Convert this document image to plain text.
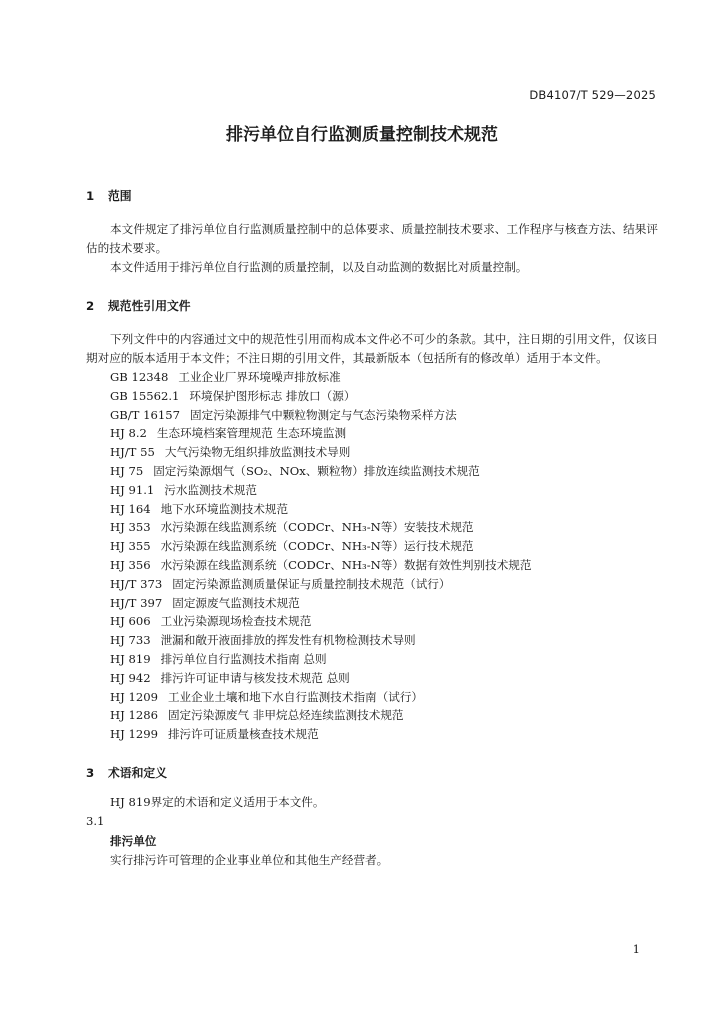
DB4107/T 529—2025
排污单位自行监测质量控制技术规范
1 范围

本文件规定了排污单位自行监测质量控制中的总体要求、质量控制技术要求、工作程序与核查方法、结果评估的技术要求。

本文件适用于排污单位自行监测的质量控制，以及自动监测的数据比对质量控制。

2 规范性引用文件

下列文件中的内容通过文中的规范性引用而构成本文件必不可少的条款。其中，注日期的引用文件，仅该日期对应的版本适用于本文件；不注日期的引用文件，其最新版本（包括所有的修改单）适用于本文件。

GB 12348 工业企业厂界环境噪声排放标准
GB 15562.1 环境保护图形标志 排放口（源）
GB/T 16157 固定污染源排气中颗粒物测定与气态污染物采样方法
HJ 8.2 生态环境档案管理规范 生态环境监测
HJ/T 55 大气污染物无组织排放监测技术导则
HJ 75 固定污染源烟气（SO₂、NOx、颗粒物）排放连续监测技术规范
HJ 91.1 污水监测技术规范
HJ 164 地下水环境监测技术规范
HJ 353 水污染源在线监测系统（CODCr、NH₃-N等）安装技术规范
HJ 355 水污染源在线监测系统（CODCr、NH₃-N等）运行技术规范
HJ 356 水污染源在线监测系统（CODCr、NH₃-N等）数据有效性判别技术规范
HJ/T 373 固定污染源监测质量保证与质量控制技术规范（试行）
HJ/T 397 固定源废气监测技术规范
HJ 606 工业污染源现场检查技术规范
HJ 733 泄漏和敞开液面排放的挥发性有机物检测技术导则
HJ 819 排污单位自行监测技术指南 总则
HJ 942 排污许可证申请与核发技术规范 总则
HJ 1209 工业企业土壤和地下水自行监测技术指南（试行）
HJ 1286 固定污染源废气 非甲烷总烃连续监测技术规范
HJ 1299 排污许可证质量核查技术规范
3 术语和定义

HJ 819界定的术语和定义适用于本文件。

3.1

排污单位

实行排污许可管理的企业事业单位和其他生产经营者。

1
